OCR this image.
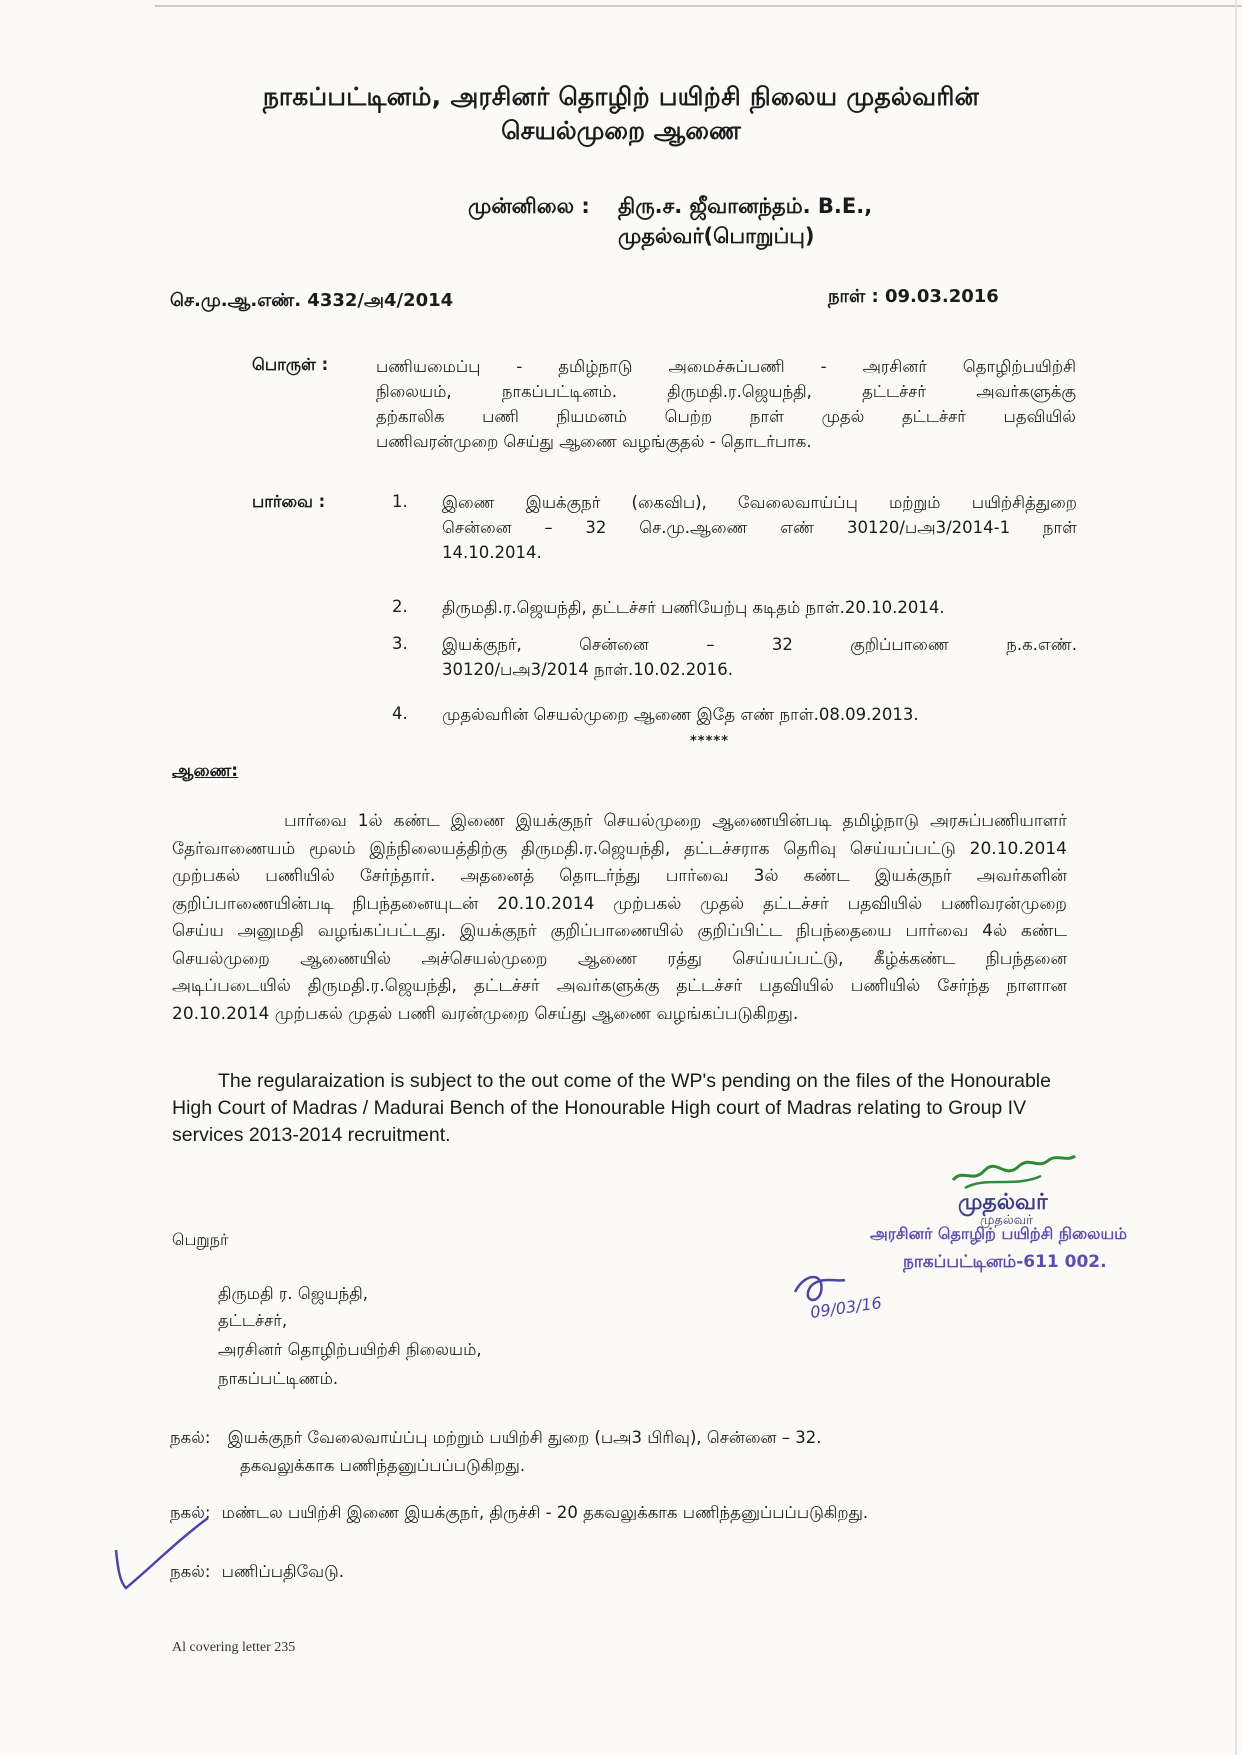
நாகப்பட்டினம், அரசினர் தொழிற் பயிற்சி நிலைய முதல்வரின்
செயல்முறை ஆணை
முன்னிலை : திரு.ச. ஜீவானந்தம். B.E.,
முதல்வர்(பொறுப்பு)
செ.மு.ஆ.எண். 4332/அ4/2014	நாள் : 09.03.2016
பொருள் :	பணியமைப்பு - தமிழ்நாடு அமைச்சுப்பணி - அரசினர் தொழிற்பயிற்சி
நிலையம், நாகப்பட்டினம். திருமதி.ர.ஜெயந்தி, தட்டச்சர் அவர்களுக்கு
தற்காலிக பணி நியமனம் பெற்ற நாள் முதல் தட்டச்சர் பதவியில்
பணிவரன்முறை செய்து ஆணை வழங்குதல் - தொடர்பாக.
பார்வை :	1. இணை இயக்குநர் (கைவிப), வேலைவாய்ப்பு மற்றும் பயிற்சித்துறை
சென்னை – 32 செ.மு.ஆணை எண் 30120/பஅ3/2014-1 நாள்
14.10.2014.
2. திருமதி.ர.ஜெயந்தி, தட்டச்சர் பணியேற்பு கடிதம் நாள்.20.10.2014.
3. இயக்குநர், சென்னை – 32 குறிப்பாணை ந.க.எண்.
30120/பஅ3/2014 நாள்.10.02.2016.
4. முதல்வரின் செயல்முறை ஆணை இதே எண் நாள்.08.09.2013.
*****
ஆணை:
பார்வை 1ல் கண்ட இணை இயக்குநர் செயல்முறை ஆணையின்படி தமிழ்நாடு அரசுப்பணியாளர்
தேர்வாணையம் மூலம் இந்நிலையத்திற்கு திருமதி.ர.ஜெயந்தி, தட்டச்சராக தெரிவு செய்யப்பட்டு 20.10.2014
முற்பகல் பணியில் சேர்ந்தார். அதனைத் தொடர்ந்து பார்வை 3ல் கண்ட இயக்குநர் அவர்களின்
குறிப்பாணையின்படி நிபந்தனையுடன் 20.10.2014 முற்பகல் முதல் தட்டச்சர் பதவியில் பணிவரன்முறை
செய்ய அனுமதி வழங்கப்பட்டது. இயக்குநர் குறிப்பாணையில் குறிப்பிட்ட நிபந்தையை பார்வை 4ல் கண்ட
செயல்முறை ஆணையில் அச்செயல்முறை ஆணை ரத்து செய்யப்பட்டு, கீழ்க்கண்ட நிபந்தனை
அடிப்படையில் திருமதி.ர.ஜெயந்தி, தட்டச்சர் அவர்களுக்கு தட்டச்சர் பதவியில் பணியில் சேர்ந்த நாளான
20.10.2014 முற்பகல் முதல் பணி வரன்முறை செய்து ஆணை வழங்கப்படுகிறது.
The regularaization is subject to the out come of the WP's pending on the files of the Honourable
High Court of Madras / Madurai Bench of the Honourable High court of Madras relating to Group IV
services 2013-2014 recruitment.
முதல்வர்
முதல்வர்
அரசினர் தொழிற் பயிற்சி நிலையம்
நாகப்பட்டினம்-611 002.
09/03/16
பெறுநர்
திருமதி ர. ஜெயந்தி,
தட்டச்சர்,
அரசினர் தொழிற்பயிற்சி நிலையம்,
நாகப்பட்டிணம்.
நகல்: இயக்குநர் வேலைவாய்ப்பு மற்றும் பயிற்சி துறை (பஅ3 பிரிவு), சென்னை – 32.
தகவலுக்காக பணிந்தனுப்பப்படுகிறது.
நகல்: மண்டல பயிற்சி இணை இயக்குநர், திருச்சி - 20 தகவலுக்காக பணிந்தனுப்பப்படுகிறது.
நகல்: பணிப்பதிவேடு.
Al covering letter 235
